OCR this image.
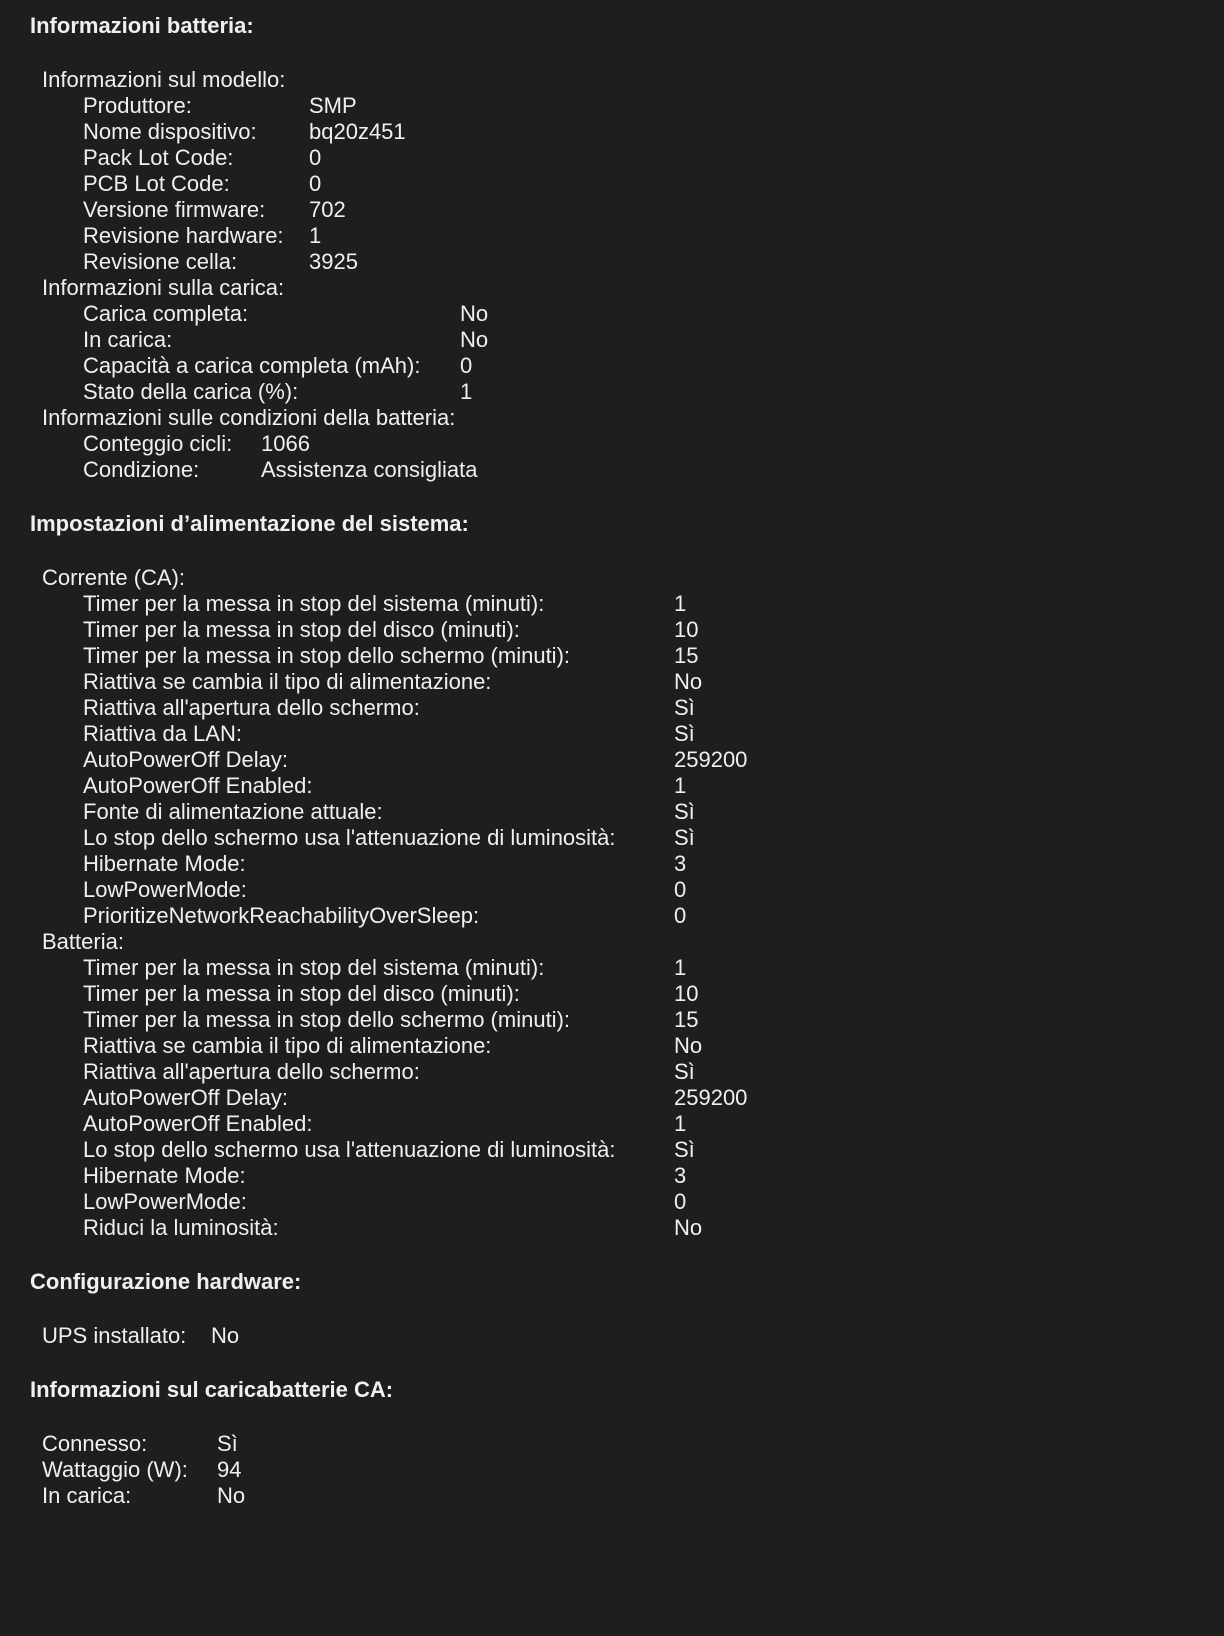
Informazioni batteria:
Informazioni sul modello:
Produttore:	SMP
Nome dispositivo: bq20z451
Pack Lot Code:	0
PCB Lot Code:	0
Versione firmware: 702
Revisione hardware: 1
Revisione cella:	3925
Informazioni sulla carica:
Carica completa:	No
In carica:	No
Capacità a carica completa (mAh): 0
Stato della carica (%):	1
Informazioni sulle condizioni della batteria:
Conteggio cicli: 1066
Condizione:	Assistenza consigliata
Impostazioni d’alimentazione del sistema:
Corrente (CA):
Timer per la messa in stop del sistema (minuti):	1
Timer per la messa in stop del disco (minuti):	10
Timer per la messa in stop dello schermo (minuti):	15
Riattiva se cambia il tipo di alimentazione:	No
Riattiva all'apertura dello schermo:	Sì
Riattiva da LAN:	Sì
AutoPowerOff Delay:	259200
AutoPowerOff Enabled:	1
Fonte di alimentazione attuale:	Sì
Lo stop dello schermo usa l'attenuazione di luminosità:	Sì
Hibernate Mode:	3
LowPowerMode:	0
PrioritizeNetworkReachabilityOverSleep:	0
Batteria:
Timer per la messa in stop del sistema (minuti):	1
Timer per la messa in stop del disco (minuti):	10
Timer per la messa in stop dello schermo (minuti):	15
Riattiva se cambia il tipo di alimentazione:	No
Riattiva all'apertura dello schermo:	Sì
AutoPowerOff Delay:	259200
AutoPowerOff Enabled:	1
Lo stop dello schermo usa l'attenuazione di luminosità:	Sì
Hibernate Mode:	3
LowPowerMode:	0
Riduci la luminosità:	No
Configurazione hardware:
UPS installato: No
Informazioni sul caricabatterie CA:
Connesso:	Sì
Wattaggio (W): 94
In carica:	No
